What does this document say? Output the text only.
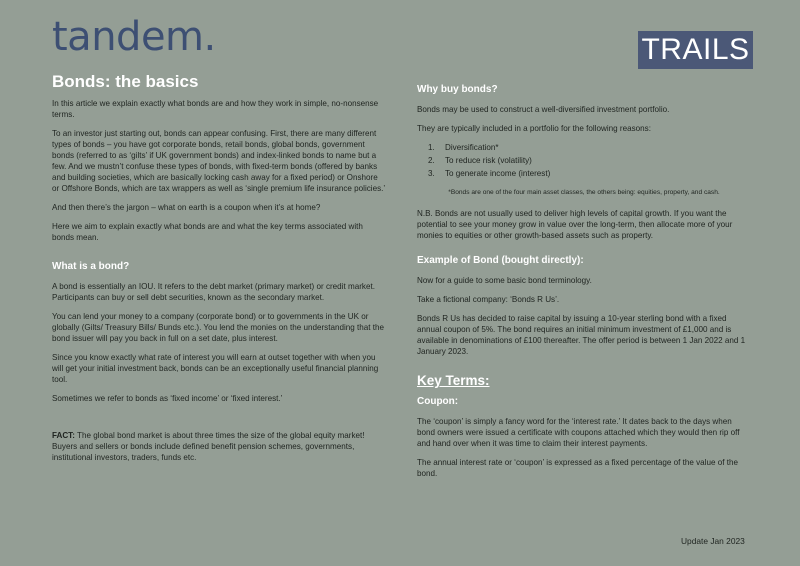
tandem.	TRAILS
Bonds: the basics

In this article we explain exactly what bonds are and how they work in simple, no-nonsense terms.

To an investor just starting out, bonds can appear confusing. First, there are many different types of bonds – you have got corporate bonds, retail bonds, global bonds, government bonds (referred to as ‘gilts’ if UK government bonds) and index-linked bonds to name but a few. And we mustn’t confuse these types of bonds, with fixed-term bonds (offered by banks and building societies, which are basically locking cash away for a fixed period) or Onshore or Offshore Bonds, which are tax wrappers as well as ‘single premium life insurance policies.’

And then there’s the jargon – what on earth is a coupon when it’s at home?

Here we aim to explain exactly what bonds are and what the key terms associated with bonds mean.

What is a bond?

A bond is essentially an IOU. It refers to the debt market (primary market) or credit market. Participants can buy or sell debt securities, known as the secondary market.

You can lend your money to a company (corporate bond) or to governments in the UK or globally (Gilts/ Treasury Bills/ Bunds etc.). You lend the monies on the understanding that the bond issuer will pay you back in full on a set date, plus interest.

Since you know exactly what rate of interest you will earn at outset together with when you will get your initial investment back, bonds can be an exceptionally useful financial planning tool.

Sometimes we refer to bonds as ‘fixed income’ or ‘fixed interest.’

FACT: The global bond market is about three times the size of the global equity market! Buyers and sellers or bonds include defined benefit pension schemes, governments, institutional investors, traders, funds etc.

Why buy bonds?

Bonds may be used to construct a well-diversified investment portfolio.

They are typically included in a portfolio for the following reasons:

1. Diversification*
2. To reduce risk (volatility)
3. To generate income (interest)

*Bonds are one of the four main asset classes, the others being: equities, property, and cash.

N.B. Bonds are not usually used to deliver high levels of capital growth. If you want the potential to see your money grow in value over the long-term, then allocate more of your monies to equities or other growth-based assets such as property.

Example of Bond (bought directly):

Now for a guide to some basic bond terminology.

Take a fictional company: ‘Bonds R Us’.

Bonds R Us has decided to raise capital by issuing a 10-year sterling bond with a fixed annual coupon of 5%. The bond requires an initial minimum investment of £1,000 and is available in denominations of £100 thereafter. The offer period is between 1 Jan 2022 and 1 January 2023.

Key Terms:
Coupon:

The ‘coupon’ is simply a fancy word for the ‘interest rate.’ It dates back to the days when bond owners were issued a certificate with coupons attached which they would then rip off and hand over when it was time to claim their interest payments.

The annual interest rate or ‘coupon’ is expressed as a fixed percentage of the value of the bond.

Update Jan 2023
